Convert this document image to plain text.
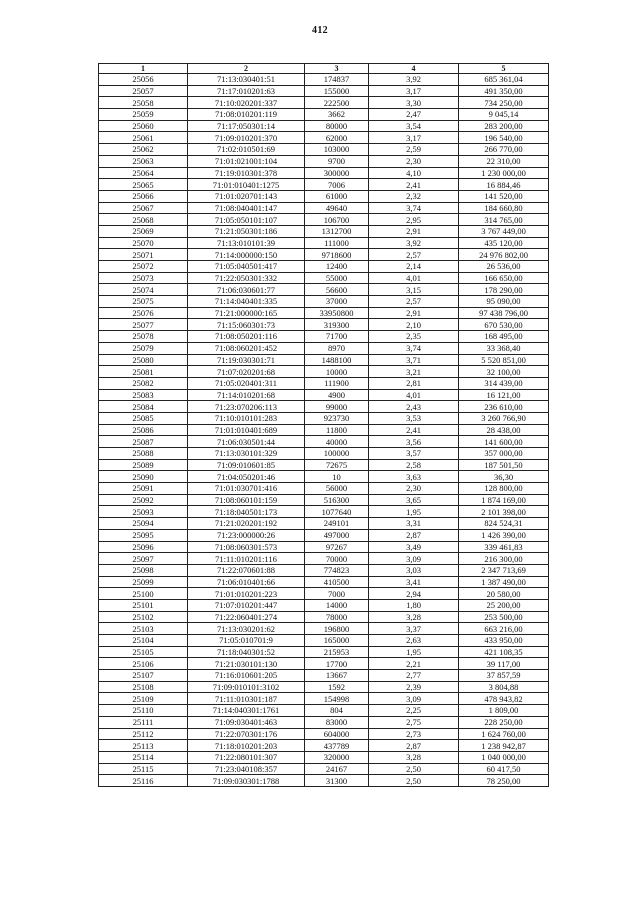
412
1	2	3	4	5
25056	71:13:030401:51	174837	3,92	685 361,04
25057	71:17:010201:63	155000	3,17	491 350,00
25058	71:10:020201:337	222500	3,30	734 250,00
25059	71:08:010201:119	3662	2,47	9 045,14
25060	71:17:050301:14	80000	3,54	283 200,00
25061	71:09:010201:370	62000	3,17	196 540,00
25062	71:02:010501:69	103000	2,59	266 770,00
25063	71:01:021001:104	9700	2,30	22 310,00
25064	71:19:010301:378	300000	4,10	1 230 000,00
25065	71:01:010401:1275	7006	2,41	16 884,46
25066	71:01:020701:143	61000	2,32	141 520,00
25067	71:08:040401:147	49640	3,74	184 660,80
25068	71:05:050101:107	106700	2,95	314 765,00
25069	71:21:050301:186	1312700	2,91	3 767 449,00
25070	71:13:010101:39	111000	3,92	435 120,00
25071	71:14:000000:150	9718600	2,57	24 976 802,00
25072	71:05:040501:417	12400	2,14	26 536,00
25073	71:22:050301:332	55000	4,01	166 650,00
25074	71:06:030601:77	56600	3,15	178 290,00
25075	71:14:040401:335	37000	2,57	95 090,00
25076	71:21:000000:165	33950800	2,91	97 438 796,00
25077	71:15:060301:73	319300	2,10	670 530,00
25078	71:08:050201:116	71700	2,35	168 495,00
25079	71:08:060201:452	8970	3,74	33 368,40
25080	71:19:030301:71	1488100	3,71	5 520 851,00
25081	71:07:020201:68	10000	3,21	32 100,00
25082	71:05:020401:311	111900	2,81	314 439,00
25083	71:14:010201:68	4900	4,01	16 121,00
25084	71:23:070206:113	99000	2,43	236 610,00
25085	71:10:010101:283	923730	3,53	3 260 766,90
25086	71:01:010401:689	11800	2,41	28 438,00
25087	71:06:030501:44	40000	3,56	141 600,00
25088	71:13:030101:329	100000	3,57	357 000,00
25089	71:09:010601:85	72675	2,58	187 501,50
25090	71:04:050201:46	10	3,63	36,30
25091	71:01:030701:416	56000	2,30	128 800,00
25092	71:08:060101:159	516300	3,65	1 874 169,00
25093	71:18:040501:173	1077640	1,95	2 101 398,00
25094	71:21:020201:192	249101	3,31	824 524,31
25095	71:23:000000:26	497000	2,87	1 426 390,00
25096	71:08:060301:573	97267	3,49	339 461,83
25097	71:11:010201:116	70000	3,09	216 300,00
25098	71:22:070601:88	774823	3,03	2 347 713,69
25099	71:06:010401:66	410500	3,41	1 387 490,00
25100	71:01:010201:223	7000	2,94	20 580,00
25101	71:07:010201:447	14000	1,80	25 200,00
25102	71:22:060401:274	78000	3,28	253 500,00
25103	71:13:030201:62	196800	3,37	663 216,00
25104	71:05:010701:9	165000	2,63	433 950,00
25105	71:18:040301:52	215953	1,95	421 108,35
25106	71:21:030101:130	17700	2,21	39 117,00
25107	71:16:010601:205	13667	2,77	37 857,59
25108	71:09:010101:3102	1592	2,39	3 804,88
25109	71:11:010301:187	154998	3,09	478 943,82
25110	71:14:040301:1761	804	2,25	1 809,00
25111	71:09:030401:463	83000	2,75	228 250,00
25112	71:22:070301:176	604000	2,73	1 624 760,00
25113	71:18:010201:203	437789	2,87	1 238 942,87
25114	71:22:080101:307	320000	3,28	1 040 000,00
25115	71:23:040108:357	24167	2,50	60 417,50
25116	71:09:030301:1788	31300	2,50	78 250,00
